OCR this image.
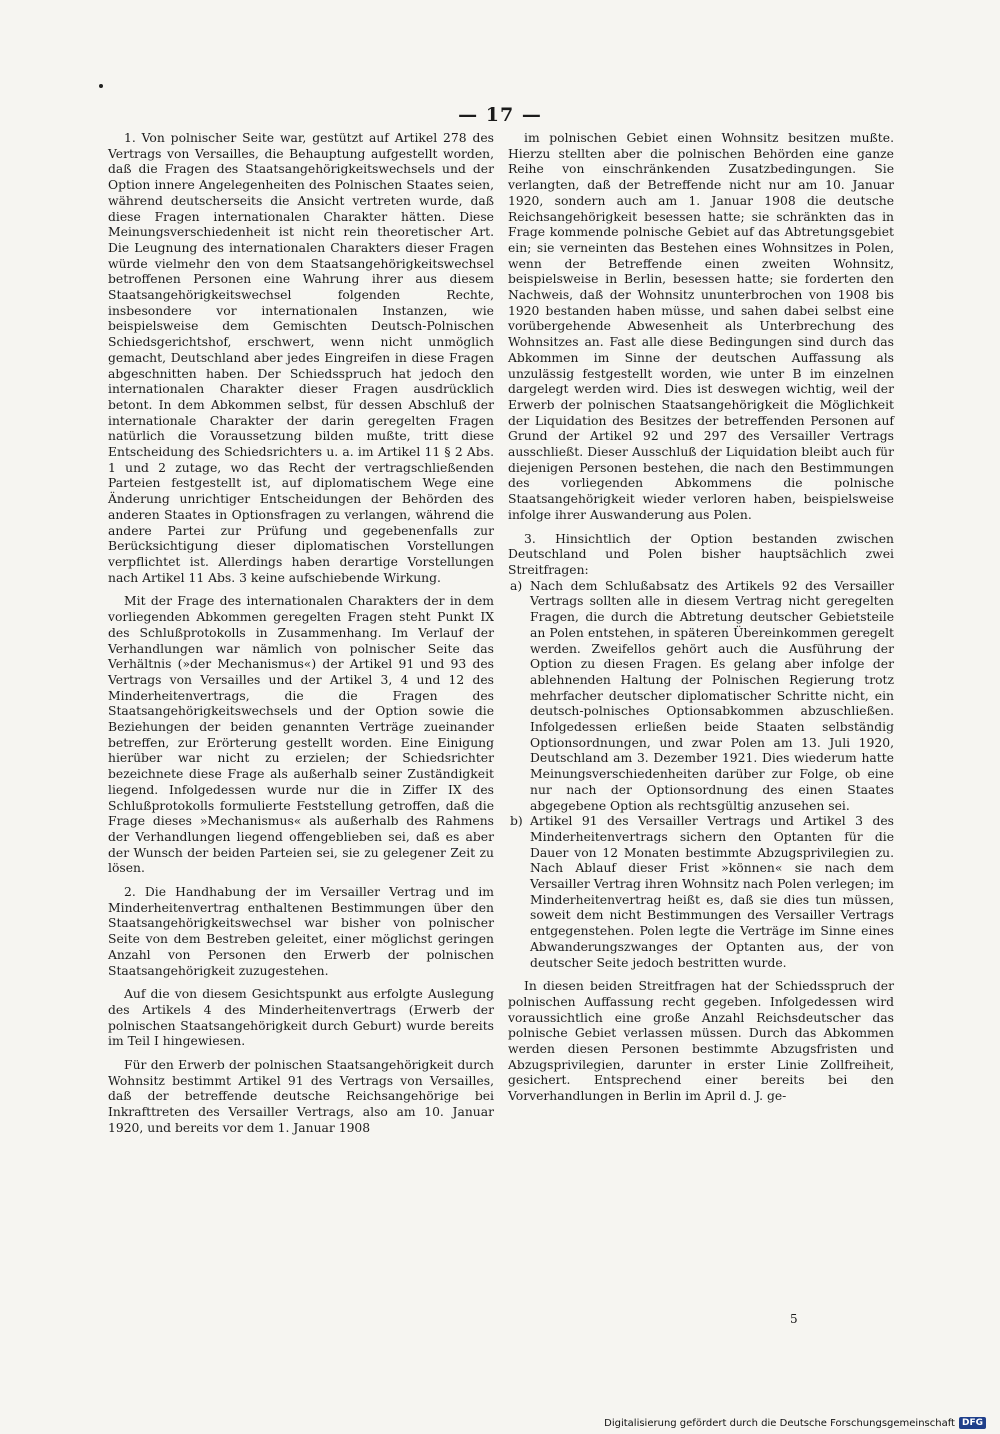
— 17 —

1. Von polnischer Seite war, gestützt auf Artikel 278 des Vertrags von Versailles, die Behauptung aufgestellt worden, daß die Fragen des Staatsangehörigkeitswechsels und der Option innere Angelegenheiten des Polnischen Staates seien, während deutscherseits die Ansicht vertreten wurde, daß diese Fragen internationalen Charakter hätten. Diese Meinungsverschiedenheit ist nicht rein theoretischer Art. Die Leugnung des internationalen Charakters dieser Fragen würde vielmehr den von dem Staatsangehörigkeitswechsel betroffenen Personen eine Wahrung ihrer aus diesem Staatsangehörigkeitswechsel folgenden Rechte, insbesondere vor internationalen Instanzen, wie beispielsweise dem Gemischten Deutsch-Polnischen Schiedsgerichtshof, erschwert, wenn nicht unmöglich gemacht, Deutschland aber jedes Eingreifen in diese Fragen abgeschnitten haben. Der Schiedsspruch hat jedoch den internationalen Charakter dieser Fragen ausdrücklich betont. In dem Abkommen selbst, für dessen Abschluß der internationale Charakter der darin geregelten Fragen natürlich die Voraussetzung bilden mußte, tritt diese Entscheidung des Schiedsrichters u. a. im Artikel 11 § 2 Abs. 1 und 2 zutage, wo das Recht der vertragschließenden Parteien festgestellt ist, auf diplomatischem Wege eine Änderung unrichtiger Entscheidungen der Behörden des anderen Staates in Optionsfragen zu verlangen, während die andere Partei zur Prüfung und gegebenenfalls zur Berücksichtigung dieser diplomatischen Vorstellungen verpflichtet ist. Allerdings haben derartige Vorstellungen nach Artikel 11 Abs. 3 keine aufschiebende Wirkung.

Mit der Frage des internationalen Charakters der in dem vorliegenden Abkommen geregelten Fragen steht Punkt IX des Schlußprotokolls in Zusammenhang. Im Verlauf der Verhandlungen war nämlich von polnischer Seite das Verhältnis (»der Mechanismus«) der Artikel 91 und 93 des Vertrags von Versailles und der Artikel 3, 4 und 12 des Minderheitenvertrags, die die Fragen des Staatsangehörigkeitswechsels und der Option sowie die Beziehungen der beiden genannten Verträge zueinander betreffen, zur Erörterung gestellt worden. Eine Einigung hierüber war nicht zu erzielen; der Schiedsrichter bezeichnete diese Frage als außerhalb seiner Zuständigkeit liegend. Infolgedessen wurde nur die in Ziffer IX des Schlußprotokolls formulierte Feststellung getroffen, daß die Frage dieses »Mechanismus« als außerhalb des Rahmens der Verhandlungen liegend offengeblieben sei, daß es aber der Wunsch der beiden Parteien sei, sie zu gelegener Zeit zu lösen.

2. Die Handhabung der im Versailler Vertrag und im Minderheitenvertrag enthaltenen Bestimmungen über den Staatsangehörigkeitswechsel war bisher von polnischer Seite von dem Bestreben geleitet, einer möglichst geringen Anzahl von Personen den Erwerb der polnischen Staatsangehörigkeit zuzugestehen.

Auf die von diesem Gesichtspunkt aus erfolgte Auslegung des Artikels 4 des Minderheitenvertrags (Erwerb der polnischen Staatsangehörigkeit durch Geburt) wurde bereits im Teil I hingewiesen.

Für den Erwerb der polnischen Staatsangehörigkeit durch Wohnsitz bestimmt Artikel 91 des Vertrags von Versailles, daß der betreffende deutsche Reichsangehörige bei Inkrafttreten des Versailler Vertrags, also am 10. Januar 1920, und bereits vor dem 1. Januar 1908

im polnischen Gebiet einen Wohnsitz besitzen mußte. Hierzu stellten aber die polnischen Behörden eine ganze Reihe von einschränkenden Zusatzbedingungen. Sie verlangten, daß der Betreffende nicht nur am 10. Januar 1920, sondern auch am 1. Januar 1908 die deutsche Reichsangehörigkeit besessen hatte; sie schränkten das in Frage kommende polnische Gebiet auf das Abtretungsgebiet ein; sie verneinten das Bestehen eines Wohnsitzes in Polen, wenn der Betreffende einen zweiten Wohnsitz, beispielsweise in Berlin, besessen hatte; sie forderten den Nachweis, daß der Wohnsitz ununterbrochen von 1908 bis 1920 bestanden haben müsse, und sahen dabei selbst eine vorübergehende Abwesenheit als Unterbrechung des Wohnsitzes an. Fast alle diese Bedingungen sind durch das Abkommen im Sinne der deutschen Auffassung als unzulässig festgestellt worden, wie unter B im einzelnen dargelegt werden wird. Dies ist deswegen wichtig, weil der Erwerb der polnischen Staatsangehörigkeit die Möglichkeit der Liquidation des Besitzes der betreffenden Personen auf Grund der Artikel 92 und 297 des Versailler Vertrags ausschließt. Dieser Ausschluß der Liquidation bleibt auch für diejenigen Personen bestehen, die nach den Bestimmungen des vorliegenden Abkommens die polnische Staatsangehörigkeit wieder verloren haben, beispielsweise infolge ihrer Auswanderung aus Polen.

3. Hinsichtlich der Option bestanden zwischen Deutschland und Polen bisher hauptsächlich zwei Streitfragen:

a) Nach dem Schlußabsatz des Artikels 92 des Versailler Vertrags sollten alle in diesem Vertrag nicht geregelten Fragen, die durch die Abtretung deutscher Gebietsteile an Polen entstehen, in späteren Übereinkommen geregelt werden. Zweifellos gehört auch die Ausführung der Option zu diesen Fragen. Es gelang aber infolge der ablehnenden Haltung der Polnischen Regierung trotz mehrfacher deutscher diplomatischer Schritte nicht, ein deutsch-polnisches Optionsabkommen abzuschließen. Infolgedessen erließen beide Staaten selbständig Optionsordnungen, und zwar Polen am 13. Juli 1920, Deutschland am 3. Dezember 1921. Dies wiederum hatte Meinungsverschiedenheiten darüber zur Folge, ob eine nur nach der Optionsordnung des einen Staates abgegebene Option als rechtsgültig anzusehen sei.
b) Artikel 91 des Versailler Vertrags und Artikel 3 des Minderheitenvertrags sichern den Optanten für die Dauer von 12 Monaten bestimmte Abzugsprivilegien zu. Nach Ablauf dieser Frist »können« sie nach dem Versailler Vertrag ihren Wohnsitz nach Polen verlegen; im Minderheitenvertrag heißt es, daß sie dies tun müssen, soweit dem nicht Bestimmungen des Versailler Vertrags entgegenstehen. Polen legte die Verträge im Sinne eines Abwanderungszwanges der Optanten aus, der von deutscher Seite jedoch bestritten wurde.

In diesen beiden Streitfragen hat der Schiedsspruch der polnischen Auffassung recht gegeben. Infolgedessen wird voraussichtlich eine große Anzahl Reichsdeutscher das polnische Gebiet verlassen müssen. Durch das Abkommen werden diesen Personen bestimmte Abzugsfristen und Abzugsprivilegien, darunter in erster Linie Zollfreiheit, gesichert. Entsprechend einer bereits bei den Vorverhandlungen in Berlin im April d. J. ge-

5
Digitalisierung gefördert durch die Deutsche Forschungsgemeinschaft DFG
